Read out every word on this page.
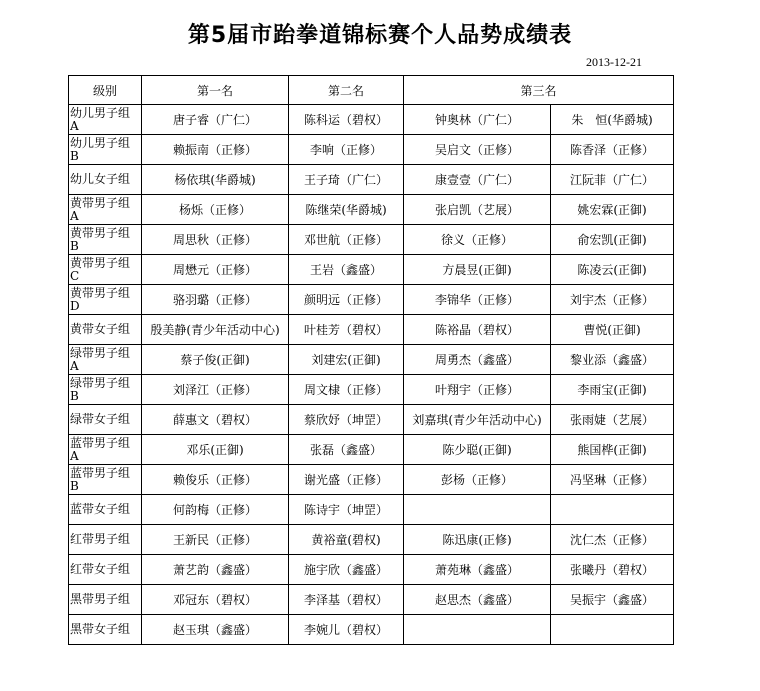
第5届市跆拳道锦标赛个人品势成绩表
2013-12-21
级别	第一名	第二名	第三名	

幼儿男子组
A	唐子睿（广仁）	陈科运（碧权）	钟奥林（广仁）	朱　恒(华爵城)

幼儿男子组
B	赖振南（正修）	李响（正修）	吴启文（正修）	陈香泽（正修）

幼儿女子组	杨依琪(华爵城)	王子琦（广仁）	康壹壹（广仁）	江阮菲（广仁）

黄带男子组
A	杨烁（正修）	陈继荣(华爵城)	张启凯（艺展）	姚宏霖(正御)

黄带男子组
B	周思秋（正修）	邓世航（正修）	徐义（正修）	俞宏凯(正御)

黄带男子组
C	周懋元（正修）	王岩（鑫盛）	方晨昱(正御)	陈凌云(正御)

黄带男子组
D	骆羽璐（正修）	颜明远（正修）	李锦华（正修）	刘宇杰（正修）

黄带女子组	殷美静(青少年活动中心)	叶桂芳（碧权）	陈裕晶（碧权）	曹悦(正御)

绿带男子组
A	蔡子俊(正御)	刘建宏(正御)	周勇杰（鑫盛）	黎业添（鑫盛）

绿带男子组
B	刘泽江（正修）	周文棣（正修）	叶翔宇（正修）	李雨宝(正御)

绿带女子组	薛惠文（碧权）	蔡欣妤（坤罡）	刘嘉琪(青少年活动中心)	张雨婕（艺展）

蓝带男子组
A	邓乐(正御)	张磊（鑫盛）	陈少聪(正御)	熊国桦(正御)

蓝带男子组
B	赖俊乐（正修）	谢光盛（正修）	彭杨（正修）	冯坚琳（正修）

蓝带女子组	何韵梅（正修）	陈诗宇（坤罡）		

红带男子组	王新民（正修）	黄裕童(碧权)	陈迅康(正修)	沈仁杰（正修）

红带女子组	萧艺韵（鑫盛）	施宇欣（鑫盛）	萧苑琳（鑫盛）	张曦丹（碧权）

黑带男子组	邓冠东（碧权）	李泽基（碧权）	赵思杰（鑫盛）	吴振宇（鑫盛）

黑带女子组	赵玉琪（鑫盛）	李婉儿（碧权）		
